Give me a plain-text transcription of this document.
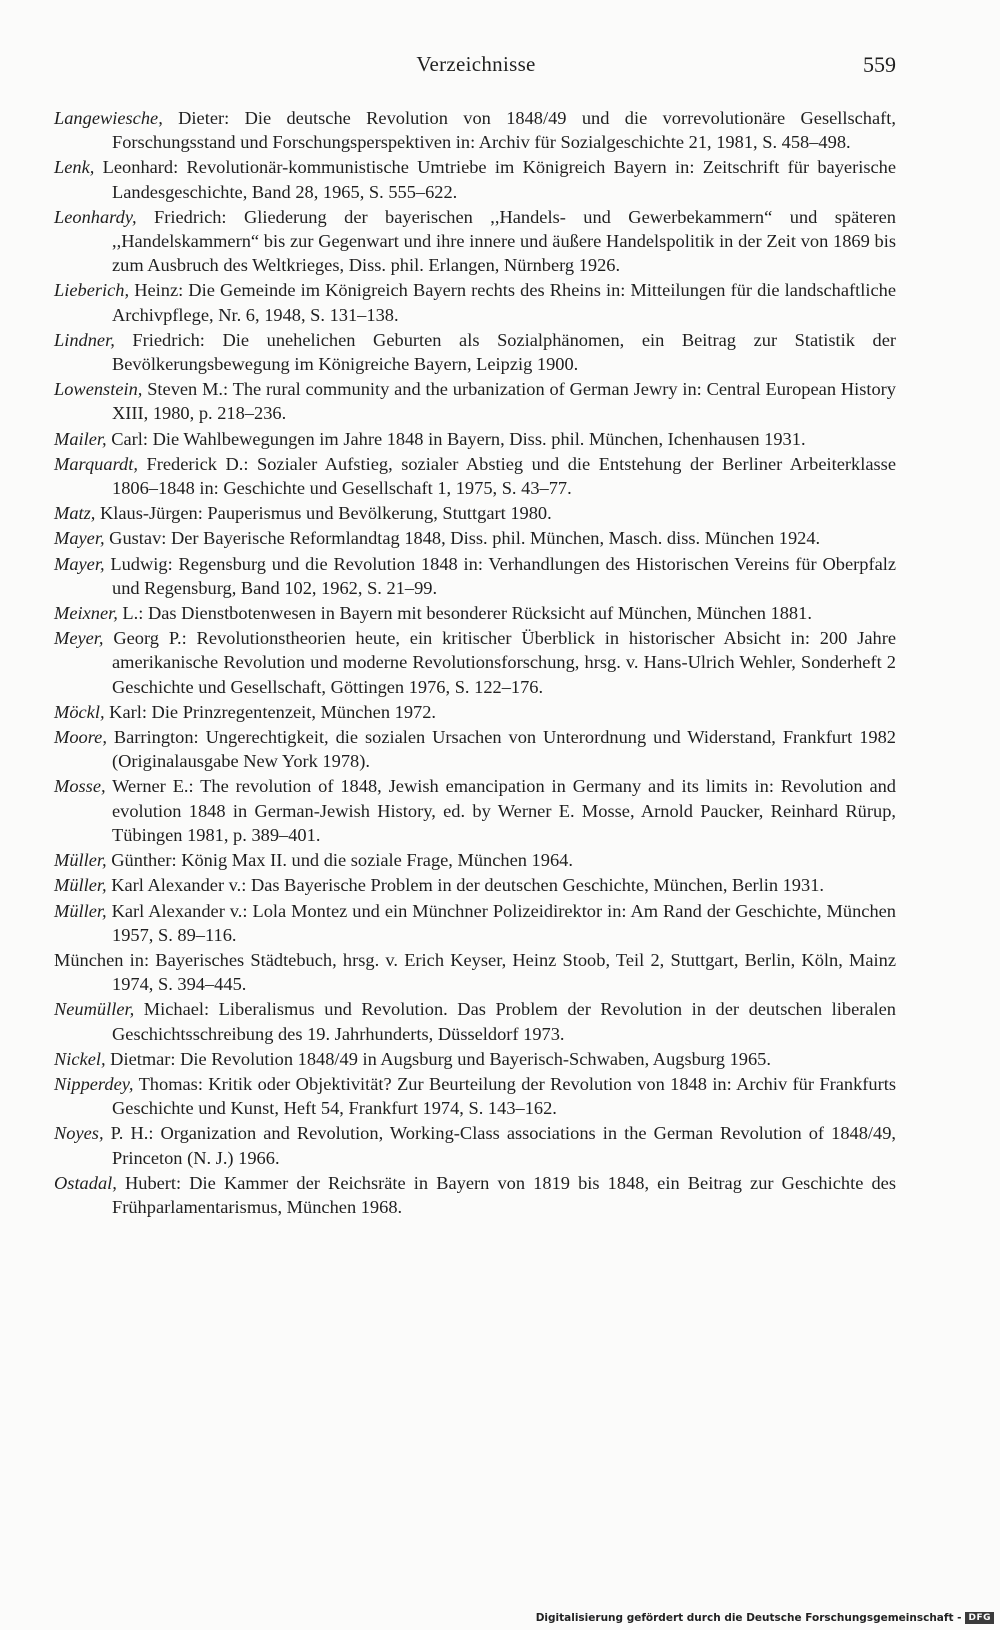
Verzeichnisse	559

Langewiesche, Dieter: Die deutsche Revolution von 1848/49 und die vorrevolutionäre Gesellschaft, Forschungsstand und Forschungsperspektiven in: Archiv für Sozialgeschichte 21, 1981, S. 458–498.

Lenk, Leonhard: Revolutionär-kommunistische Umtriebe im Königreich Bayern in: Zeitschrift für bayerische Landesgeschichte, Band 28, 1965, S. 555–622.

Leonhardy, Friedrich: Gliederung der bayerischen ,,Handels- und Gewerbekammern“ und späteren ,,Handelskammern“ bis zur Gegenwart und ihre innere und äußere Handelspolitik in der Zeit von 1869 bis zum Ausbruch des Weltkrieges, Diss. phil. Erlangen, Nürnberg 1926.

Lieberich, Heinz: Die Gemeinde im Königreich Bayern rechts des Rheins in: Mitteilungen für die landschaftliche Archivpflege, Nr. 6, 1948, S. 131–138.

Lindner, Friedrich: Die unehelichen Geburten als Sozialphänomen, ein Beitrag zur Statistik der Bevölkerungsbewegung im Königreiche Bayern, Leipzig 1900.

Lowenstein, Steven M.: The rural community and the urbanization of German Jewry in: Central European History XIII, 1980, p. 218–236.

Mailer, Carl: Die Wahlbewegungen im Jahre 1848 in Bayern, Diss. phil. München, Ichenhausen 1931.

Marquardt, Frederick D.: Sozialer Aufstieg, sozialer Abstieg und die Entstehung der Berliner Arbeiterklasse 1806–1848 in: Geschichte und Gesellschaft 1, 1975, S. 43–77.

Matz, Klaus-Jürgen: Pauperismus und Bevölkerung, Stuttgart 1980.

Mayer, Gustav: Der Bayerische Reformlandtag 1848, Diss. phil. München, Masch. diss. München 1924.

Mayer, Ludwig: Regensburg und die Revolution 1848 in: Verhandlungen des Historischen Vereins für Oberpfalz und Regensburg, Band 102, 1962, S. 21–99.

Meixner, L.: Das Dienstbotenwesen in Bayern mit besonderer Rücksicht auf München, München 1881.

Meyer, Georg P.: Revolutionstheorien heute, ein kritischer Überblick in historischer Absicht in: 200 Jahre amerikanische Revolution und moderne Revolutionsforschung, hrsg. v. Hans-Ulrich Wehler, Sonderheft 2 Geschichte und Gesellschaft, Göttingen 1976, S. 122–176.

Möckl, Karl: Die Prinzregentenzeit, München 1972.

Moore, Barrington: Ungerechtigkeit, die sozialen Ursachen von Unterordnung und Widerstand, Frankfurt 1982 (Originalausgabe New York 1978).

Mosse, Werner E.: The revolution of 1848, Jewish emancipation in Germany and its limits in: Revolution and evolution 1848 in German-Jewish History, ed. by Werner E. Mosse, Arnold Paucker, Reinhard Rürup, Tübingen 1981, p. 389–401.

Müller, Günther: König Max II. und die soziale Frage, München 1964.

Müller, Karl Alexander v.: Das Bayerische Problem in der deutschen Geschichte, München, Berlin 1931.

Müller, Karl Alexander v.: Lola Montez und ein Münchner Polizeidirektor in: Am Rand der Geschichte, München 1957, S. 89–116.

München in: Bayerisches Städtebuch, hrsg. v. Erich Keyser, Heinz Stoob, Teil 2, Stuttgart, Berlin, Köln, Mainz 1974, S. 394–445.

Neumüller, Michael: Liberalismus und Revolution. Das Problem der Revolution in der deutschen liberalen Geschichtsschreibung des 19. Jahrhunderts, Düsseldorf 1973.

Nickel, Dietmar: Die Revolution 1848/49 in Augsburg und Bayerisch-Schwaben, Augsburg 1965.

Nipperdey, Thomas: Kritik oder Objektivität? Zur Beurteilung der Revolution von 1848 in: Archiv für Frankfurts Geschichte und Kunst, Heft 54, Frankfurt 1974, S. 143–162.

Noyes, P. H.: Organization and Revolution, Working-Class associations in the German Revolution of 1848/49, Princeton (N. J.) 1966.

Ostadal, Hubert: Die Kammer der Reichsräte in Bayern von 1819 bis 1848, ein Beitrag zur Geschichte des Frühparlamentarismus, München 1968.

Digitalisierung gefördert durch die Deutsche Forschungsgemeinschaft - DFG
